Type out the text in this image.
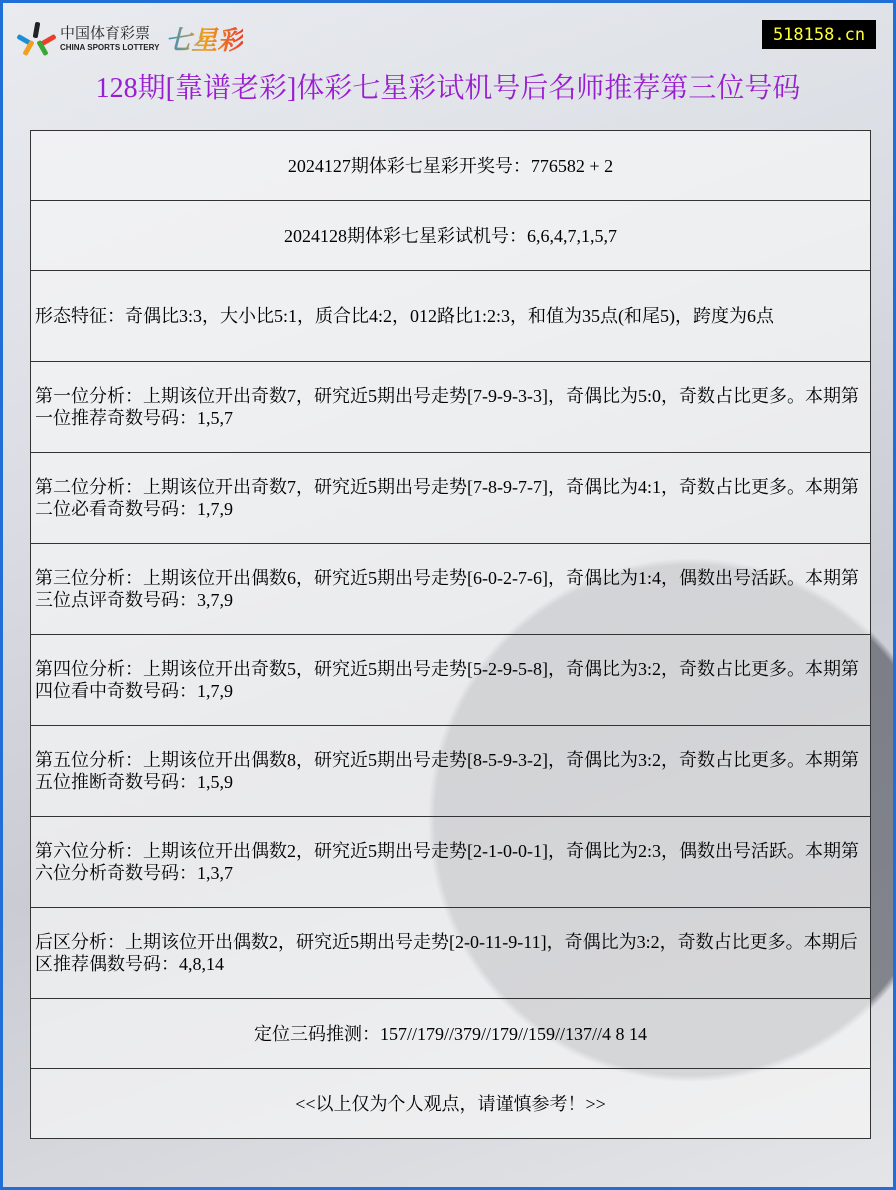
中国体育彩票
CHINA SPORTS LOTTERY 七星彩	518158.cn
128期[靠谱老彩]体彩七星彩试机号后名师推荐第三位号码
2024127期体彩七星彩开奖号：776582 + 2
2024128期体彩七星彩试机号：6,6,4,7,1,5,7
形态特征：奇偶比3:3，大小比5:1，质合比4:2，012路比1:2:3，和值为35点(和尾5)，跨度为6点
第一位分析：上期该位开出奇数7，研究近5期出号走势[7-9-9-3-3]，奇偶比为5:0，奇数占比更多。本期第一位推荐奇数号码：1,5,7
第二位分析：上期该位开出奇数7，研究近5期出号走势[7-8-9-7-7]，奇偶比为4:1，奇数占比更多。本期第二位必看奇数号码：1,7,9
第三位分析：上期该位开出偶数6，研究近5期出号走势[6-0-2-7-6]，奇偶比为1:4，偶数出号活跃。本期第三位点评奇数号码：3,7,9
第四位分析：上期该位开出奇数5，研究近5期出号走势[5-2-9-5-8]，奇偶比为3:2，奇数占比更多。本期第四位看中奇数号码：1,7,9
第五位分析：上期该位开出偶数8，研究近5期出号走势[8-5-9-3-2]，奇偶比为3:2，奇数占比更多。本期第五位推断奇数号码：1,5,9
第六位分析：上期该位开出偶数2，研究近5期出号走势[2-1-0-0-1]，奇偶比为2:3，偶数出号活跃。本期第六位分析奇数号码：1,3,7
后区分析：上期该位开出偶数2，研究近5期出号走势[2-0-11-9-11]，奇偶比为3:2，奇数占比更多。本期后区推荐偶数号码：4,8,14
定位三码推测：157//179//379//179//159//137//4 8 14
<<以上仅为个人观点，请谨慎参考！>>
